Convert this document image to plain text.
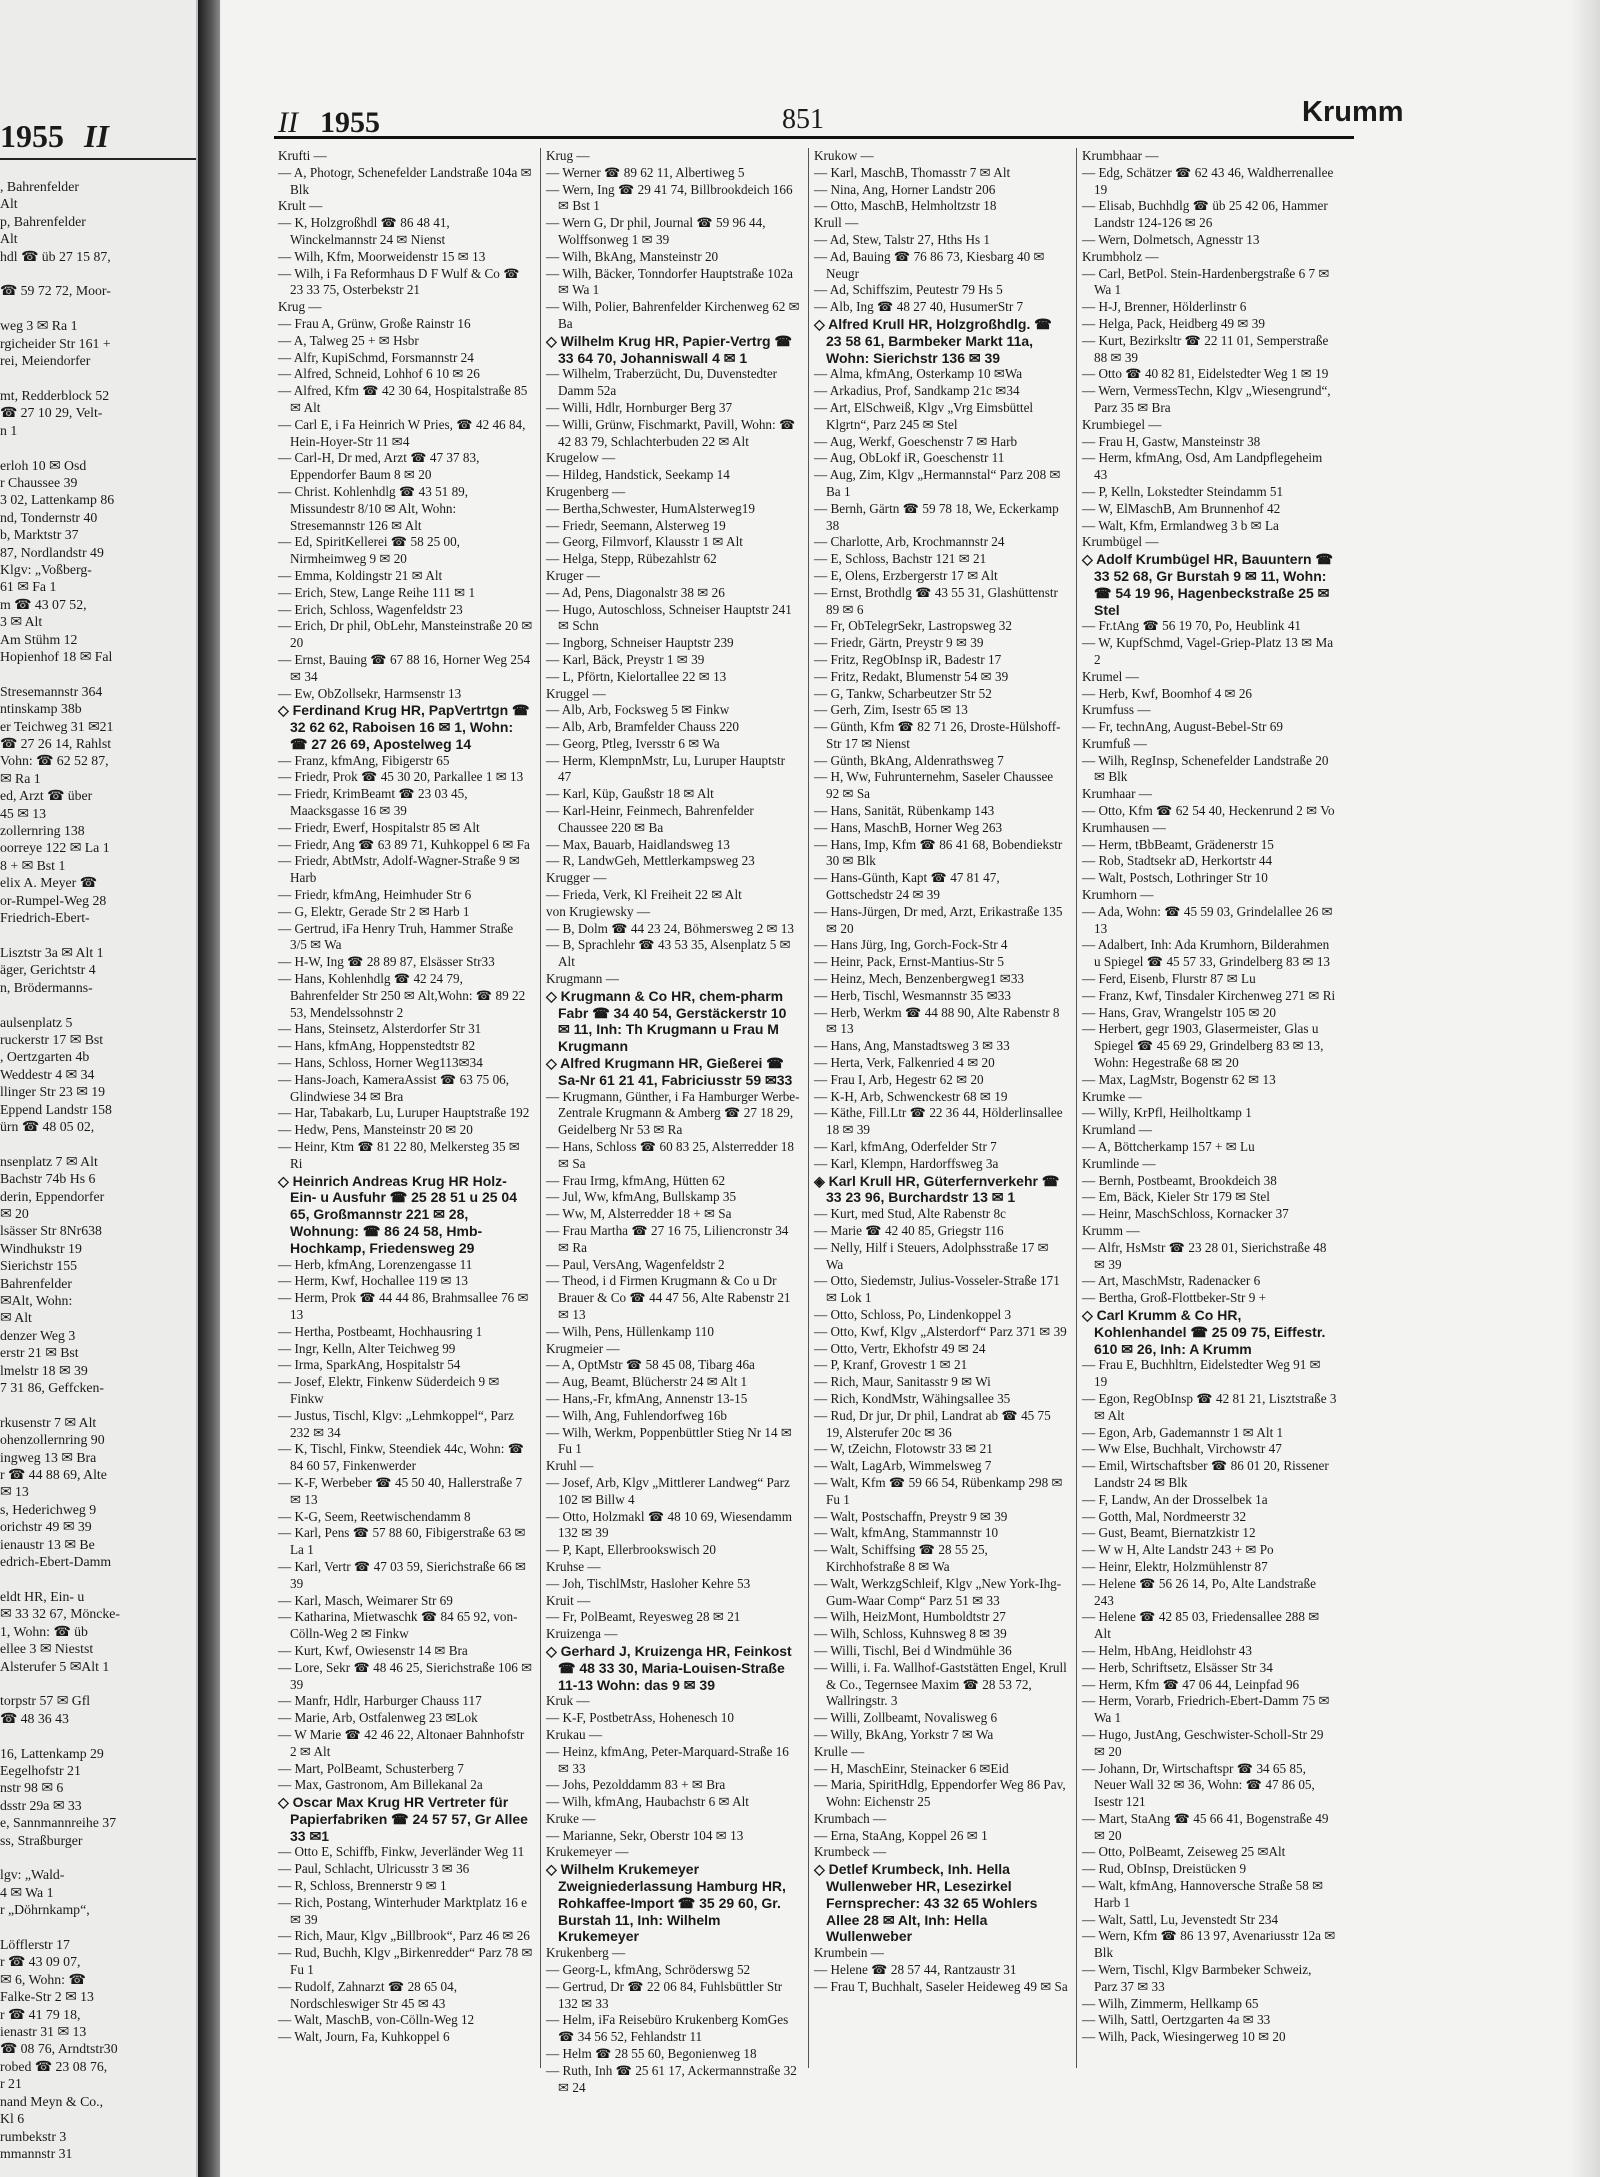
1955 II
, Bahrenfelder
Alt
p, Bahrenfelder
Alt
hdl ☎ üb 27 15 87,

☎ 59 72 72, Moor-

weg 3 ✉ Ra 1
rgicheider Str 161 +
rei, Meiendorfer

mt, Redderblock 52
☎ 27 10 29, Velt-
n 1

erloh 10 ✉ Osd
r Chaussee 39
3 02, Lattenkamp 86
nd, Tondernstr 40
b, Marktstr 37
87, Nordlandstr 49
Klgv: „Voßberg-
61 ✉ Fa 1
m ☎ 43 07 52,
3 ✉ Alt
Am Stühm 12
Hopienhof 18 ✉ Fal

Stresemannstr 364
ntinskamp 38b
er Teichweg 31 ✉21
☎ 27 26 14, Rahlst
Vohn: ☎ 62 52 87,
✉ Ra 1
ed, Arzt ☎ über
45 ✉ 13
zollernring 138
oorreye 122 ✉ La 1
8 + ✉ Bst 1
elix A. Meyer ☎
or-Rumpel-Weg 28
Friedrich-Ebert-

Lisztstr 3a ✉ Alt 1
äger, Gerichtstr 4
n, Brödermanns-

aulsenplatz 5
ruckerstr 17 ✉ Bst
, Oertzgarten 4b
Weddestr 4 ✉ 34
llinger Str 23 ✉ 19
Eppend Landstr 158
ürn ☎ 48 05 02,

nsenplatz 7 ✉ Alt
Bachstr 74b Hs 6
derin, Eppendorfer
✉ 20
lsässer Str 8Nr638
Windhukstr 19
Sierichstr 155
Bahrenfelder
✉Alt, Wohn:
✉ Alt
denzer Weg 3
erstr 21 ✉ Bst
lmelstr 18 ✉ 39
7 31 86, Geffcken-

rkusenstr 7 ✉ Alt
ohenzollernring 90
ingweg 13 ✉ Bra
r ☎ 44 88 69, Alte
✉ 13
s, Hederichweg 9
orichstr 49 ✉ 39
ienaustr 13 ✉ Be
edrich-Ebert-Damm

eldt HR, Ein- u
✉ 33 32 67, Möncke-
1, Wohn: ☎ üb
ellee 3 ✉ Niestst
Alsterufer 5 ✉Alt 1

torpstr 57 ✉ Gfl
☎ 48 36 43

16, Lattenkamp 29
Eegelhofstr 21
nstr 98 ✉ 6
dsstr 29a ✉ 33
e, Sannmannreihe 37
ss, Straßburger

lgv: „Wald-
4 ✉ Wa 1
r „Döhrnkamp“,

Löfflerstr 17
r ☎ 43 09 07,
✉ 6, Wohn: ☎
Falke-Str 2 ✉ 13
r ☎ 41 79 18,
ienastr 31 ✉ 13
☎ 08 76, Arndtstr30
robed ☎ 23 08 76,
r 21
nand Meyn & Co.,
Kl 6
rumbekstr 3
mmannstr 31
II 1955	851	Krumm

Krufti —

— A, Photogr, Schenefelder Landstraße 104a ✉ Blk

Krult —

— K, Holzgroßhdl ☎ 86 48 41, Winckelmannstr 24 ✉ Nienst

— Wilh, Kfm, Moorweidenstr 15 ✉ 13

— Wilh, i Fa Reformhaus D F Wulf & Co ☎ 23 33 75, Osterbekstr 21

Krug —

— Frau A, Grünw, Große Rainstr 16

— A, Talweg 25 + ✉ Hsbr

— Alfr, KupiSchmd, Forsmannstr 24

— Alfred, Schneid, Lohhof 6 10 ✉ 26

— Alfred, Kfm ☎ 42 30 64, Hospitalstraße 85 ✉ Alt

— Carl E, i Fa Heinrich W Pries, ☎ 42 46 84, Hein-Hoyer-Str 11 ✉4

— Carl-H, Dr med, Arzt ☎ 47 37 83, Eppendorfer Baum 8 ✉ 20

— Christ. Kohlenhdlg ☎ 43 51 89, Missundestr 8/10 ✉ Alt, Wohn: Stresemannstr 126 ✉ Alt

— Ed, SpiritKellerei ☎ 58 25 00, Nirmheimweg 9 ✉ 20

— Emma, Koldingstr 21 ✉ Alt

— Erich, Stew, Lange Reihe 111 ✉ 1

— Erich, Schloss, Wagenfeldstr 23

— Erich, Dr phil, ObLehr, Mansteinstraße 20 ✉ 20

— Ernst, Bauing ☎ 67 88 16, Horner Weg 254 ✉ 34

— Ew, ObZollsekr, Harmsenstr 13

◇ Ferdinand Krug HR, PapVertrtgn ☎ 32 62 62, Raboisen 16 ✉ 1, Wohn: ☎ 27 26 69, Apostelweg 14

— Franz, kfmAng, Fibigerstr 65

— Friedr, Prok ☎ 45 30 20, Parkallee 1 ✉ 13

— Friedr, KrimBeamt ☎ 23 03 45, Maacksgasse 16 ✉ 39

— Friedr, Ewerf, Hospitalstr 85 ✉ Alt

— Friedr, Ang ☎ 63 89 71, Kuhkoppel 6 ✉ Fa

— Friedr, AbtMstr, Adolf-Wagner-Straße 9 ✉ Harb

— Friedr, kfmAng, Heimhuder Str 6

— G, Elektr, Gerade Str 2 ✉ Harb 1

— Gertrud, iFa Henry Truh, Hammer Straße 3/5 ✉ Wa

— H-W, Ing ☎ 28 89 87, Elsässer Str33

— Hans, Kohlenhdlg ☎ 42 24 79, Bahrenfelder Str 250 ✉ Alt,Wohn: ☎ 89 22 53, Mendelssohnstr 2

— Hans, Steinsetz, Alsterdorfer Str 31

— Hans, kfmAng, Hoppenstedtstr 82

— Hans, Schloss, Horner Weg113✉34

— Hans-Joach, KameraAssist ☎ 63 75 06, Glindwiese 34 ✉ Bra

— Har, Tabakarb, Lu, Luruper Hauptstraße 192

— Hedw, Pens, Mansteinstr 20 ✉ 20

— Heinr, Ktm ☎ 81 22 80, Melkersteg 35 ✉ Ri

◇ Heinrich Andreas Krug HR Holz-Ein- u Ausfuhr ☎ 25 28 51 u 25 04 65, Großmannstr 221 ✉ 28, Wohnung: ☎ 86 24 58, Hmb-Hochkamp, Friedensweg 29

— Herb, kfmAng, Lorenzengasse 11

— Herm, Kwf, Hochallee 119 ✉ 13

— Herm, Prok ☎ 44 44 86, Brahmsallee 76 ✉ 13

— Hertha, Postbeamt, Hochhausring 1

— Ingr, Kelln, Alter Teichweg 99

— Irma, SparkAng, Hospitalstr 54

— Josef, Elektr, Finkenw Süderdeich 9 ✉ Finkw

— Justus, Tischl, Klgv: „Lehmkoppel“, Parz 232 ✉ 34

— K, Tischl, Finkw, Steendiek 44c, Wohn: ☎ 84 60 57, Finkenwerder

— K-F, Werbeber ☎ 45 50 40, Hallerstraße 7 ✉ 13

— K-G, Seem, Reetwischendamm 8

— Karl, Pens ☎ 57 88 60, Fibigerstraße 63 ✉ La 1

— Karl, Vertr ☎ 47 03 59, Sierichstraße 66 ✉ 39

— Karl, Masch, Weimarer Str 69

— Katharina, Mietwaschk ☎ 84 65 92, von-Cölln-Weg 2 ✉ Finkw

— Kurt, Kwf, Owiesenstr 14 ✉ Bra

— Lore, Sekr ☎ 48 46 25, Sierichstraße 106 ✉ 39

— Manfr, Hdlr, Harburger Chauss 117

— Marie, Arb, Ostfalenweg 23 ✉Lok

— W Marie ☎ 42 46 22, Altonaer Bahnhofstr 2 ✉ Alt

— Mart, PolBeamt, Schusterberg 7

— Max, Gastronom, Am Billekanal 2a

◇ Oscar Max Krug HR Vertreter für Papierfabriken ☎ 24 57 57, Gr Allee 33 ✉1

— Otto E, Schiffb, Finkw, Jeverländer Weg 11

— Paul, Schlacht, Ulricusstr 3 ✉ 36

— R, Schloss, Brennerstr 9 ✉ 1

— Rich, Postang, Winterhuder Marktplatz 16 e ✉ 39

— Rich, Maur, Klgv „Billbrook“, Parz 46 ✉ 26

— Rud, Buchh, Klgv „Birkenredder“ Parz 78 ✉ Fu 1

— Rudolf, Zahnarzt ☎ 28 65 04, Nordschleswiger Str 45 ✉ 43

— Walt, MaschB, von-Cölln-Weg 12

— Walt, Journ, Fa, Kuhkoppel 6

Krug —

— Werner ☎ 89 62 11, Albertiweg 5

— Wern, Ing ☎ 29 41 74, Billbrookdeich 166 ✉ Bst 1

— Wern G, Dr phil, Journal ☎ 59 96 44, Wolffsonweg 1 ✉ 39

— Wilh, BkAng, Mansteinstr 20

— Wilh, Bäcker, Tonndorfer Hauptstraße 102a ✉ Wa 1

— Wilh, Polier, Bahrenfelder Kirchenweg 62 ✉ Ba

◇ Wilhelm Krug HR, Papier-Vertrg ☎ 33 64 70, Johanniswall 4 ✉ 1

— Wilhelm, Traberzücht, Du, Duvenstedter Damm 52a

— Willi, Hdlr, Hornburger Berg 37

— Willi, Grünw, Fischmarkt, Pavill, Wohn: ☎ 42 83 79, Schlachterbuden 22 ✉ Alt

Krugelow —

— Hildeg, Handstick, Seekamp 14

Krugenberg —

— Bertha,Schwester, HumAlsterweg19

— Friedr, Seemann, Alsterweg 19

— Georg, Filmvorf, Klausstr 1 ✉ Alt

— Helga, Stepp, Rübezahlstr 62

Kruger —

— Ad, Pens, Diagonalstr 38 ✉ 26

— Hugo, Autoschloss, Schneiser Hauptstr 241 ✉ Schn

— Ingborg, Schneiser Hauptstr 239

— Karl, Bäck, Preystr 1 ✉ 39

— L, Pförtn, Kielortallee 22 ✉ 13

Kruggel —

— Alb, Arb, Focksweg 5 ✉ Finkw

— Alb, Arb, Bramfelder Chauss 220

— Georg, Ptleg, Iversstr 6 ✉ Wa

— Herm, KlempnMstr, Lu, Luruper Hauptstr 47

— Karl, Küp, Gaußstr 18 ✉ Alt

— Karl-Heinr, Feinmech, Bahrenfelder Chaussee 220 ✉ Ba

— Max, Bauarb, Haidlandsweg 13

— R, LandwGeh, Mettlerkampsweg 23

Krugger —

— Frieda, Verk, Kl Freiheit 22 ✉ Alt

von Krugiewsky —

— B, Dolm ☎ 44 23 24, Böhmersweg 2 ✉ 13

— B, Sprachlehr ☎ 43 53 35, Alsenplatz 5 ✉ Alt

Krugmann —

◇ Krugmann & Co HR, chem-pharm Fabr ☎ 34 40 54, Gerstäckerstr 10 ✉ 11, Inh: Th Krugmann u Frau M Krugmann

◇ Alfred Krugmann HR, Gießerei ☎ Sa-Nr 61 21 41, Fabriciusstr 59 ✉33

— Krugmann, Günther, i Fa Hamburger Werbe-Zentrale Krugmann & Amberg ☎ 27 18 29, Geidelberg Nr 53 ✉ Ra

— Hans, Schloss ☎ 60 83 25, Alsterredder 18 ✉ Sa

— Frau Irmg, kfmAng, Hütten 62

— Jul, Ww, kfmAng, Bullskamp 35

— Ww, M, Alsterredder 18 + ✉ Sa

— Frau Martha ☎ 27 16 75, Liliencronstr 34 ✉ Ra

— Paul, VersAng, Wagenfeldstr 2

— Theod, i d Firmen Krugmann & Co u Dr Brauer & Co ☎ 44 47 56, Alte Rabenstr 21 ✉ 13

— Wilh, Pens, Hüllenkamp 110

Krugmeier —

— A, OptMstr ☎ 58 45 08, Tibarg 46a

— Aug, Beamt, Blücherstr 24 ✉ Alt 1

— Hans,-Fr, kfmAng, Annenstr 13-15

— Wilh, Ang, Fuhlendorfweg 16b

— Wilh, Werkm, Poppenbüttler Stieg Nr 14 ✉ Fu 1

Kruhl —

— Josef, Arb, Klgv „Mittlerer Landweg“ Parz 102 ✉ Billw 4

— Otto, Holzmakl ☎ 48 10 69, Wiesendamm 132 ✉ 39

— P, Kapt, Ellerbrookswisch 20

Kruhse —

— Joh, TischlMstr, Hasloher Kehre 53

Kruit —

— Fr, PolBeamt, Reyesweg 28 ✉ 21

Kruizenga —

◇ Gerhard J, Kruizenga HR, Feinkost ☎ 48 33 30, Maria-Louisen-Straße 11-13 Wohn: das 9 ✉ 39

Kruk —

— K-F, PostbetrAss, Hohenesch 10

Krukau —

— Heinz, kfmAng, Peter-Marquard-Straße 16 ✉ 33

— Johs, Pezolddamm 83 + ✉ Bra

— Wilh, kfmAng, Haubachstr 6 ✉ Alt

Kruke —

— Marianne, Sekr, Oberstr 104 ✉ 13

Krukemeyer —

◇ Wilhelm Krukemeyer Zweigniederlassung Hamburg HR, Rohkaffee-Import ☎ 35 29 60, Gr. Burstah 11, Inh: Wilhelm Krukemeyer

Krukenberg —

— Georg-L, kfmAng, Schröderswg 52

— Gertrud, Dr ☎ 22 06 84, Fuhlsbüttler Str 132 ✉ 33

— Helm, iFa Reisebüro Krukenberg KomGes ☎ 34 56 52, Fehlandstr 11

— Helm ☎ 28 55 60, Begonienweg 18

— Ruth, Inh ☎ 25 61 17, Ackermannstraße 32 ✉ 24

Krukow —

— Karl, MaschB, Thomasstr 7 ✉ Alt

— Nina, Ang, Horner Landstr 206

— Otto, MaschB, Helmholtzstr 18

Krull —

— Ad, Stew, Talstr 27, Hths Hs 1

— Ad, Bauing ☎ 76 86 73, Kiesbarg 40 ✉ Neugr

— Ad, Schiffszim, Peutestr 79 Hs 5

— Alb, Ing ☎ 48 27 40, HusumerStr 7

◇ Alfred Krull HR, Holzgroßhdlg. ☎ 23 58 61, Barmbeker Markt 11a, Wohn: Sierichstr 136 ✉ 39

— Alma, kfmAng, Osterkamp 10 ✉Wa

— Arkadius, Prof, Sandkamp 21c ✉34

— Art, ElSchweiß, Klgv „Vrg Eimsbüttel Klgrtn“, Parz 245 ✉ Stel

— Aug, Werkf, Goeschenstr 7 ✉ Harb

— Aug, ObLokf iR, Goeschenstr 11

— Aug, Zim, Klgv „Hermannstal“ Parz 208 ✉ Ba 1

— Bernh, Gärtn ☎ 59 78 18, We, Eckerkamp 38

— Charlotte, Arb, Krochmannstr 24

— E, Schloss, Bachstr 121 ✉ 21

— E, Olens, Erzbergerstr 17 ✉ Alt

— Ernst, Brothdlg ☎ 43 55 31, Glashüttenstr 89 ✉ 6

— Fr, ObTelegrSekr, Lastropsweg 32

— Friedr, Gärtn, Preystr 9 ✉ 39

— Fritz, RegObInsp iR, Badestr 17

— Fritz, Redakt, Blumenstr 54 ✉ 39

— G, Tankw, Scharbeutzer Str 52

— Gerh, Zim, Isestr 65 ✉ 13

— Günth, Kfm ☎ 82 71 26, Droste-Hülshoff-Str 17 ✉ Nienst

— Günth, BkAng, Aldenrathsweg 7

— H, Ww, Fuhrunternehm, Saseler Chaussee 92 ✉ Sa

— Hans, Sanität, Rübenkamp 143

— Hans, MaschB, Horner Weg 263

— Hans, Imp, Kfm ☎ 86 41 68, Bobendiekstr 30 ✉ Blk

— Hans-Günth, Kapt ☎ 47 81 47, Gottschedstr 24 ✉ 39

— Hans-Jürgen, Dr med, Arzt, Erikastraße 135 ✉ 20

— Hans Jürg, Ing, Gorch-Fock-Str 4

— Heinr, Pack, Ernst-Mantius-Str 5

— Heinz, Mech, Benzenbergweg1 ✉33

— Herb, Tischl, Wesmannstr 35 ✉33

— Herb, Werkm ☎ 44 88 90, Alte Rabenstr 8 ✉ 13

— Hans, Ang, Manstadtsweg 3 ✉ 33

— Herta, Verk, Falkenried 4 ✉ 20

— Frau I, Arb, Hegestr 62 ✉ 20

— K-H, Arb, Schwenckestr 68 ✉ 19

— Käthe, Fill.Ltr ☎ 22 36 44, Hölderlinsallee 18 ✉ 39

— Karl, kfmAng, Oderfelder Str 7

— Karl, Klempn, Hardorffsweg 3a

◈ Karl Krull HR, Güterfernverkehr ☎ 33 23 96, Burchardstr 13 ✉ 1

— Kurt, med Stud, Alte Rabenstr 8c

— Marie ☎ 42 40 85, Griegstr 116

— Nelly, Hilf i Steuers, Adolphsstraße 17 ✉ Wa

— Otto, Siedemstr, Julius-Vosseler-Straße 171 ✉ Lok 1

— Otto, Schloss, Po, Lindenkoppel 3

— Otto, Kwf, Klgv „Alsterdorf“ Parz 371 ✉ 39

— Otto, Vertr, Ekhofstr 49 ✉ 24

— P, Kranf, Grovestr 1 ✉ 21

— Rich, Maur, Sanitasstr 9 ✉ Wi

— Rich, KondMstr, Wähingsallee 35

— Rud, Dr jur, Dr phil, Landrat ab ☎ 45 75 19, Alsterufer 20c ✉ 36

— W, tZeichn, Flotowstr 33 ✉ 21

— Walt, LagArb, Wimmelsweg 7

— Walt, Kfm ☎ 59 66 54, Rübenkamp 298 ✉ Fu 1

— Walt, Postschaffn, Preystr 9 ✉ 39

— Walt, kfmAng, Stammannstr 10

— Walt, Schiffsing ☎ 28 55 25, Kirchhofstraße 8 ✉ Wa

— Walt, WerkzgSchleif, Klgv „New York-Ihg-Gum-Waar Comp“ Parz 51 ✉ 33

— Wilh, HeizMont, Humboldtstr 27

— Wilh, Schloss, Kuhnsweg 8 ✉ 39

— Willi, Tischl, Bei d Windmühle 36

— Willi, i. Fa. Wallhof-Gaststätten Engel, Krull & Co., Tegernsee Maxim ☎ 28 53 72, Wallringstr. 3

— Willi, Zollbeamt, Novalisweg 6

— Willy, BkAng, Yorkstr 7 ✉ Wa

Krulle —

— H, MaschEinr, Steinacker 6 ✉Eid

— Maria, SpiritHdlg, Eppendorfer Weg 86 Pav, Wohn: Eichenstr 25

Krumbach —

— Erna, StaAng, Koppel 26 ✉ 1

Krumbeck —

◇ Detlef Krumbeck, Inh. Hella Wullenweber HR, Lesezirkel Fernsprecher: 43 32 65 Wohlers Allee 28 ✉ Alt, Inh: Hella Wullenweber

Krumbein —

— Helene ☎ 28 57 44, Rantzaustr 31

— Frau T, Buchhalt, Saseler Heideweg 49 ✉ Sa

Krumbhaar —

— Edg, Schätzer ☎ 62 43 46, Waldherrenallee 19

— Elisab, Buchhdlg ☎ üb 25 42 06, Hammer Landstr 124-126 ✉ 26

— Wern, Dolmetsch, Agnesstr 13

Krumbholz —

— Carl, BetPol. Stein-Hardenbergstraße 6 7 ✉ Wa 1

— H-J, Brenner, Hölderlinstr 6

— Helga, Pack, Heidberg 49 ✉ 39

— Kurt, Bezirksltr ☎ 22 11 01, Semperstraße 88 ✉ 39

— Otto ☎ 40 82 81, Eidelstedter Weg 1 ✉ 19

— Wern, VermessTechn, Klgv „Wiesengrund“, Parz 35 ✉ Bra

Krumbiegel —

— Frau H, Gastw, Mansteinstr 38

— Herm, kfmAng, Osd, Am Landpflegeheim 43

— P, Kelln, Lokstedter Steindamm 51

— W, ElMaschB, Am Brunnenhof 42

— Walt, Kfm, Ermlandweg 3 b ✉ La

Krumbügel —

◇ Adolf Krumbügel HR, Bauuntern ☎ 33 52 68, Gr Burstah 9 ✉ 11, Wohn: ☎ 54 19 96, Hagenbeckstraße 25 ✉ Stel

— Fr.tAng ☎ 56 19 70, Po, Heublink 41

— W, KupfSchmd, Vagel-Griep-Platz 13 ✉ Ma 2

Krumel —

— Herb, Kwf, Boomhof 4 ✉ 26

Krumfuss —

— Fr, technAng, August-Bebel-Str 69

Krumfuß —

— Wilh, RegInsp, Schenefelder Landstraße 20 ✉ Blk

Krumhaar —

— Otto, Kfm ☎ 62 54 40, Heckenrund 2 ✉ Vo

Krumhausen —

— Herm, tBbBeamt, Grädenerstr 15

— Rob, Stadtsekr aD, Herkortstr 44

— Walt, Postsch, Lothringer Str 10

Krumhorn —

— Ada, Wohn: ☎ 45 59 03, Grindelallee 26 ✉ 13

— Adalbert, Inh: Ada Krumhorn, Bilderahmen u Spiegel ☎ 45 57 33, Grindelberg 83 ✉ 13

— Ferd, Eisenb, Flurstr 87 ✉ Lu

— Franz, Kwf, Tinsdaler Kirchenweg 271 ✉ Ri

— Hans, Grav, Wrangelstr 105 ✉ 20

— Herbert, gegr 1903, Glasermeister, Glas u Spiegel ☎ 45 69 29, Grindelberg 83 ✉ 13, Wohn: Hegestraße 68 ✉ 20

— Max, LagMstr, Bogenstr 62 ✉ 13

Krumke —

— Willy, KrPfl, Heilholtkamp 1

Krumland —

— A, Böttcherkamp 157 + ✉ Lu

Krumlinde —

— Bernh, Postbeamt, Brookdeich 38

— Em, Bäck, Kieler Str 179 ✉ Stel

— Heinr, MaschSchloss, Kornacker 37

Krumm —

— Alfr, HsMstr ☎ 23 28 01, Sierichstraße 48 ✉ 39

— Art, MaschMstr, Radenacker 6

— Bertha, Groß-Flottbeker-Str 9 +

◇ Carl Krumm & Co HR, Kohlenhandel ☎ 25 09 75, Eiffestr. 610 ✉ 26, Inh: A Krumm

— Frau E, Buchhltrn, Eidelstedter Weg 91 ✉ 19

— Egon, RegObInsp ☎ 42 81 21, Lisztstraße 3 ✉ Alt

— Egon, Arb, Gademannstr 1 ✉ Alt 1

— Ww Else, Buchhalt, Virchowstr 47

— Emil, Wirtschaftsber ☎ 86 01 20, Rissener Landstr 24 ✉ Blk

— F, Landw, An der Drosselbek 1a

— Gotth, Mal, Nordmeerstr 32

— Gust, Beamt, Biernatzkistr 12

— W w H, Alte Landstr 243 + ✉ Po

— Heinr, Elektr, Holzmühlenstr 87

— Helene ☎ 56 26 14, Po, Alte Landstraße 243

— Helene ☎ 42 85 03, Friedensallee 288 ✉ Alt

— Helm, HbAng, Heidlohstr 43

— Herb, Schriftsetz, Elsässer Str 34

— Herm, Kfm ☎ 47 06 44, Leinpfad 96

— Herm, Vorarb, Friedrich-Ebert-Damm 75 ✉ Wa 1

— Hugo, JustAng, Geschwister-Scholl-Str 29 ✉ 20

— Johann, Dr, Wirtschaftspr ☎ 34 65 85, Neuer Wall 32 ✉ 36, Wohn: ☎ 47 86 05, Isestr 121

— Mart, StaAng ☎ 45 66 41, Bogenstraße 49 ✉ 20

— Otto, PolBeamt, Zeiseweg 25 ✉Alt

— Rud, ObInsp, Dreistücken 9

— Walt, kfmAng, Hannoversche Straße 58 ✉ Harb 1

— Walt, Sattl, Lu, Jevenstedt Str 234

— Wern, Kfm ☎ 86 13 97, Avenariusstr 12a ✉ Blk

— Wern, Tischl, Klgv Barmbeker Schweiz, Parz 37 ✉ 33

— Wilh, Zimmerm, Hellkamp 65

— Wilh, Sattl, Oertzgarten 4a ✉ 33

— Wilh, Pack, Wiesingerweg 10 ✉ 20
